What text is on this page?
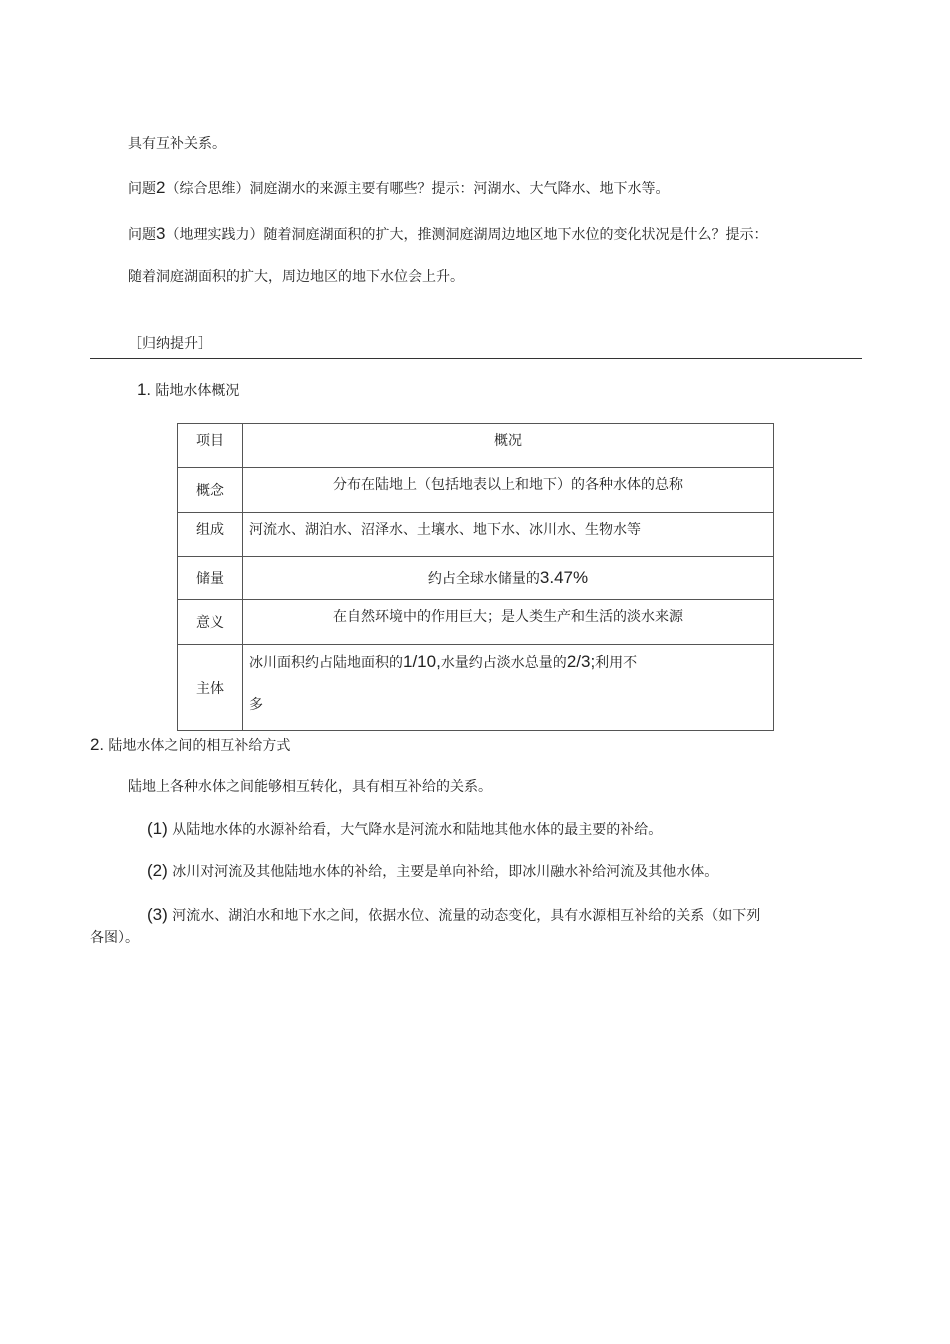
具有互补关系。
问题2（综合思维）洞庭湖水的来源主要有哪些？提示：河湖水、大气降水、地下水等。
问题3（地理实践力）随着洞庭湖面积的扩大，推测洞庭湖周边地区地下水位的变化状况是什么？提示：
随着洞庭湖面积的扩大，周边地区的地下水位会上升。
［归纳提升］
1. 陆地水体概况
项目	概况
概念	分布在陆地上（包括地表以上和地下）的各种水体的总称
组成	河流水、湖泊水、沼泽水、土壤水、地下水、冰川水、生物水等
储量	约占全球水储量的3.47%
意义	在自然环境中的作用巨大；是人类生产和生活的淡水来源
主体	冰川面积约占陆地面积的1/10,水量约占淡水总量的2/3;利用不
多
2. 陆地水体之间的相互补给方式
陆地上各种水体之间能够相互转化，具有相互补给的关系。
(1) 从陆地水体的水源补给看，大气降水是河流水和陆地其他水体的最主要的补给。
(2) 冰川对河流及其他陆地水体的补给，主要是单向补给，即冰川融水补给河流及其他水体。
(3) 河流水、湖泊水和地下水之间，依据水位、流量的动态变化，具有水源相互补给的关系（如下列
各图）。
